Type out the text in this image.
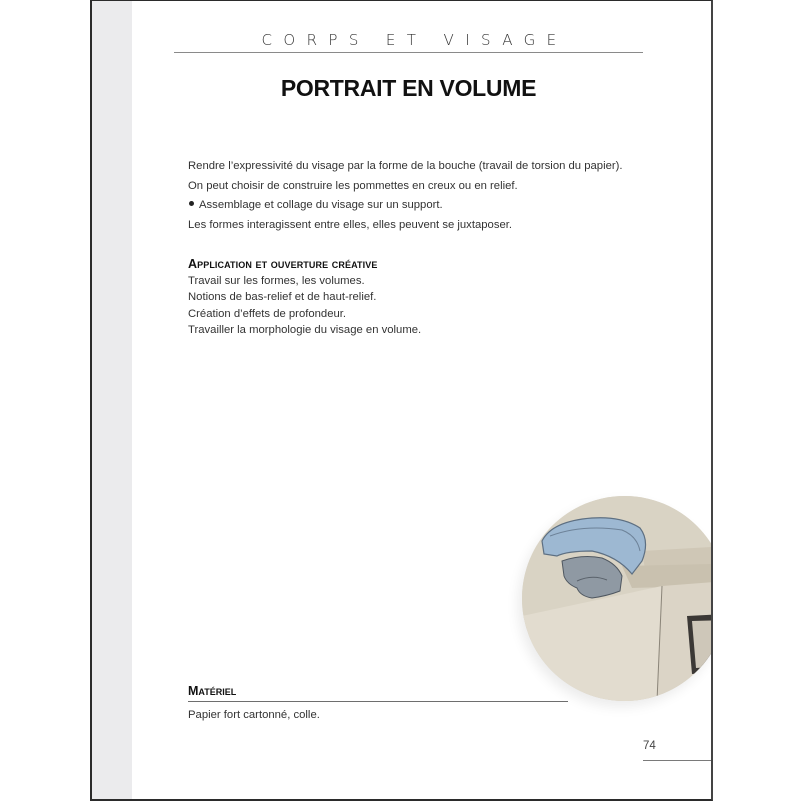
CORPS ET VISAGE
PORTRAIT EN VOLUME

Rendre l’expressivité du visage par la forme de la bouche (travail de torsion du papier).

On peut choisir de construire les pommettes en creux ou en relief.

Assemblage et collage du visage sur un support.

Les formes interagissent entre elles, elles peuvent se juxtaposer.

Application et ouverture créative
Travail sur les formes, les volumes.
Notions de bas-relief et de haut-relief.
Création d’effets de profondeur.
Travailler la morphologie du visage en volume.
Matériel
Papier fort cartonné, colle.
74
